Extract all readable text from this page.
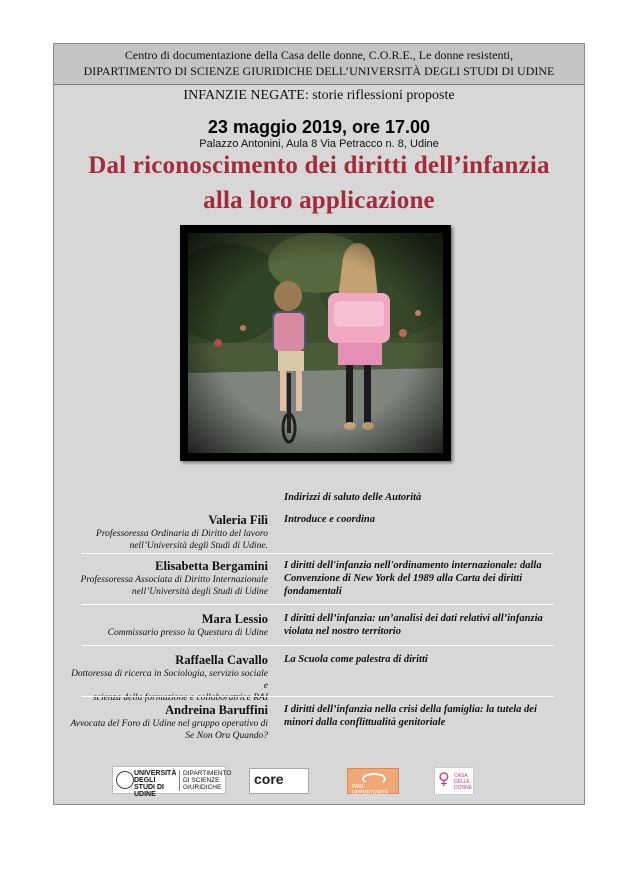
Centro di documentazione della Casa delle donne, C.O.R.E., Le donne resistenti,
DIPARTIMENTO DI SCIENZE GIURIDICHE DELL’UNIVERSITÀ DEGLI STUDI DI UDINE
INFANZIE NEGATE: storie riflessioni proposte
23 maggio 2019, ore 17.00
Palazzo Antonini, Aula 8 Via Petracco n. 8, Udine
Dal riconoscimento dei diritti dell’infanzia
alla loro applicazione
Indirizzi di saluto delle Autorità
Valeria Filì
Professoressa Ordinaria di Diritto del lavoro
nell’Università degli Studi di Udine.
Introduce e coordina
Elisabetta Bergamini
Professoressa Associata di Diritto Internazionale
nell’Università degli Studi di Udine
I diritti dell'infanzia nell'ordinamento internazionale: dalla
Convenzione di New York del 1989 alla Carta dei diritti
fondamentali
Mara Lessio
Commissario presso la Questura di Udine
I diritti dell’infanzia: un’analisi dei dati relativi all’infanzia
violata nel nostro territorio
Raffaella Cavallo
Dottoressa di ricerca in Sociologia, servizio sociale e
scienza della formazione e collaboratrice RAI
La Scuola come palestra di diritti
Andreina Baruffini
Avvocata del Foro di Udine nel gruppo operativo di
Se Non Ora Quando?
I diritti dell’infanzia nella crisi della famiglia: la tutela dei
minori dalla conflittualità genitoriale
UNIVERSITÀ DEGLI STUDI DI UDINE
DIPARTIMENTO DI SCIENZE GIURIDICHE
core	PARI OPPORTUNITÀ
♀ CASA DELLE DONNE
